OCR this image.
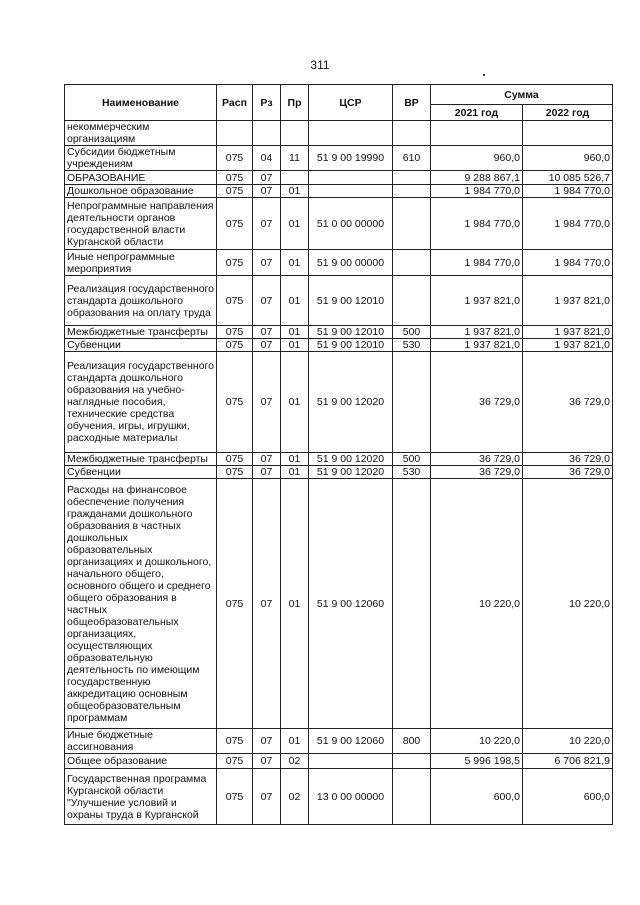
311
Наименование	Расп	Рз	Пр	ЦСР	ВР	Сумма	
						2021 год	2022 год
некоммерческим организациям							
Субсидии бюджетным учреждениям	075	04	11	51 9 00 19990	610	960,0	960,0
ОБРАЗОВАНИЕ	075	07				9 288 867,1	10 085 526,7
Дошкольное образование	075	07	01			1 984 770,0	1 984 770,0
Непрограммные направления деятельности органов государственной власти Курганской области	075	07	01	51 0 00 00000		1 984 770,0	1 984 770,0
Иные непрограммные мероприятия	075	07	01	51 9 00 00000		1 984 770,0	1 984 770,0
Реализация государственного стандарта дошкольного образования на оплату труда	075	07	01	51 9 00 12010		1 937 821,0	1 937 821,0
Межбюджетные трансферты	075	07	01	51 9 00 12010	500	1 937 821,0	1 937 821,0
Субвенции	075	07	01	51 9 00 12010	530	1 937 821,0	1 937 821,0
Реализация государственного стандарта дошкольного образования на учебно-наглядные пособия, технические средства обучения, игры, игрушки, расходные материалы	075	07	01	51 9 00 12020		36 729,0	36 729,0
Межбюджетные трансферты	075	07	01	51 9 00 12020	500	36 729,0	36 729,0
Субвенции	075	07	01	51 9 00 12020	530	36 729,0	36 729,0
Расходы на финансовое обеспечение получения гражданами дошкольного образования в частных дошкольных образовательных организациях и дошкольного, начального общего, основного общего и среднего общего образования в частных общеобразовательных организациях, осуществляющих образовательную деятельность по имеющим государственную аккредитацию основным общеобразовательным программам	075	07	01	51 9 00 12060		10 220,0	10 220,0
Иные бюджетные ассигнования	075	07	01	51 9 00 12060	800	10 220,0	10 220,0
Общее образование	075	07	02			5 996 198,5	6 706 821,9
Государственная программа Курганской области "Улучшение условий и охраны труда в Курганской	075	07	02	13 0 00 00000		600,0	600,0
